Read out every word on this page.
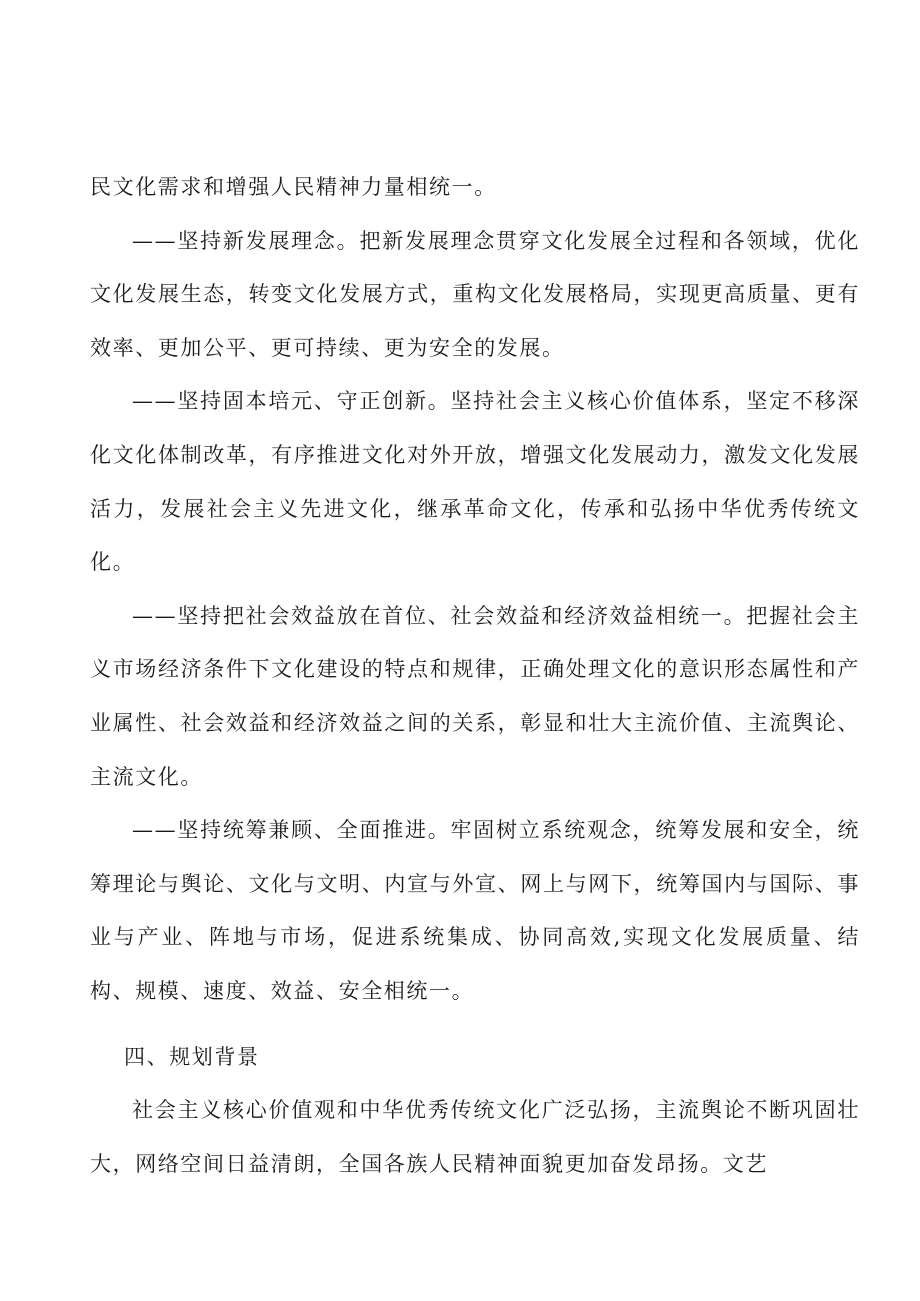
民文化需求和增强人民精神力量相统一。

——坚持新发展理念。把新发展理念贯穿文化发展全过程和各领域，优化文化发展生态，转变文化发展方式，重构文化发展格局，实现更高质量、更有效率、更加公平、更可持续、更为安全的发展。

——坚持固本培元、守正创新。坚持社会主义核心价值体系，坚定不移深化文化体制改革，有序推进文化对外开放，增强文化发展动力，激发文化发展活力，发展社会主义先进文化，继承革命文化，传承和弘扬中华优秀传统文化。

——坚持把社会效益放在首位、社会效益和经济效益相统一。把握社会主义市场经济条件下文化建设的特点和规律，正确处理文化的意识形态属性和产业属性、社会效益和经济效益之间的关系，彰显和壮大主流价值、主流舆论、主流文化。

——坚持统筹兼顾、全面推进。牢固树立系统观念，统筹发展和安全，统筹理论与舆论、文化与文明、内宣与外宣、网上与网下，统筹国内与国际、事业与产业、阵地与市场，促进系统集成、协同高效,实现文化发展质量、结构、规模、速度、效益、安全相统一。

四、规划背景

社会主义核心价值观和中华优秀传统文化广泛弘扬，主流舆论不断巩固壮大，网络空间日益清朗，全国各族人民精神面貌更加奋发昂扬。文艺
